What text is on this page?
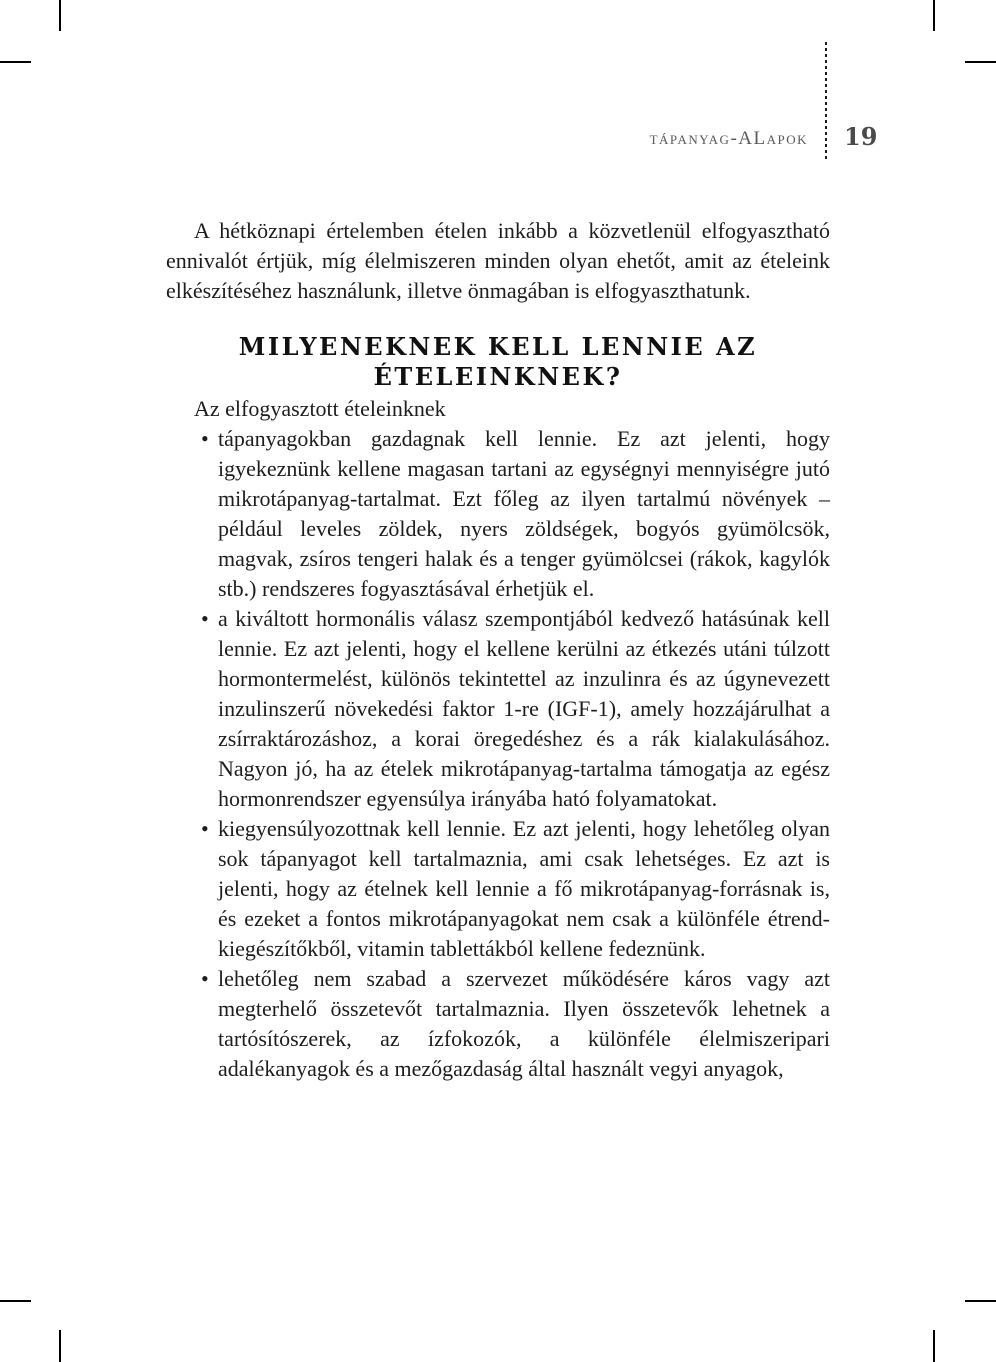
tápanyag-ALapok 19

A hétköznapi értelemben ételen inkább a közvetlenül elfogyasztható ennivalót értjük, míg élelmiszeren minden olyan ehetőt, amit az ételeink elkészítéséhez használunk, illetve önmagában is elfogyaszthatunk.

MILYENEKNEK KELL LENNIE AZ ÉTELEINKNEK?

Az elfogyasztott ételeinknek

• tápanyagokban gazdagnak kell lennie. Ez azt jelenti, hogy igyekeznünk kellene magasan tartani az egységnyi mennyiségre jutó mikrotápanyag-tartalmat. Ezt főleg az ilyen tartalmú növények – például leveles zöldek, nyers zöldségek, bogyós gyümölcsök, magvak, zsíros tengeri halak és a tenger gyümölcsei (rákok, kagylók stb.) rendszeres fogyasztásával érhetjük el.
• a kiváltott hormonális válasz szempontjából kedvező hatásúnak kell lennie. Ez azt jelenti, hogy el kellene kerülni az étkezés utáni túlzott hormontermelést, különös tekintettel az inzulinra és az úgynevezett inzulinszerű növekedési faktor 1-re (IGF-1), amely hozzájárulhat a zsírraktározáshoz, a korai öregedéshez és a rák kialakulásához. Nagyon jó, ha az ételek mikrotápanyag-tartalma támogatja az egész hormonrendszer egyensúlya irányába ható folyamatokat.
• kiegyensúlyozottnak kell lennie. Ez azt jelenti, hogy lehetőleg olyan sok tápanyagot kell tartalmaznia, ami csak lehetséges. Ez azt is jelenti, hogy az ételnek kell lennie a fő mikrotápanyag-forrásnak is, és ezeket a fontos mikrotápanyagokat nem csak a különféle étrend-kiegészítőkből, vitamin tablettákból kellene fedeznünk.
• lehetőleg nem szabad a szervezet működésére káros vagy azt megterhelő összetevőt tartalmaznia. Ilyen összetevők lehetnek a tartósítószerek, az ízfokozók, a különféle élelmiszeripari adalékanyagok és a mezőgazdaság által használt vegyi anyagok,
